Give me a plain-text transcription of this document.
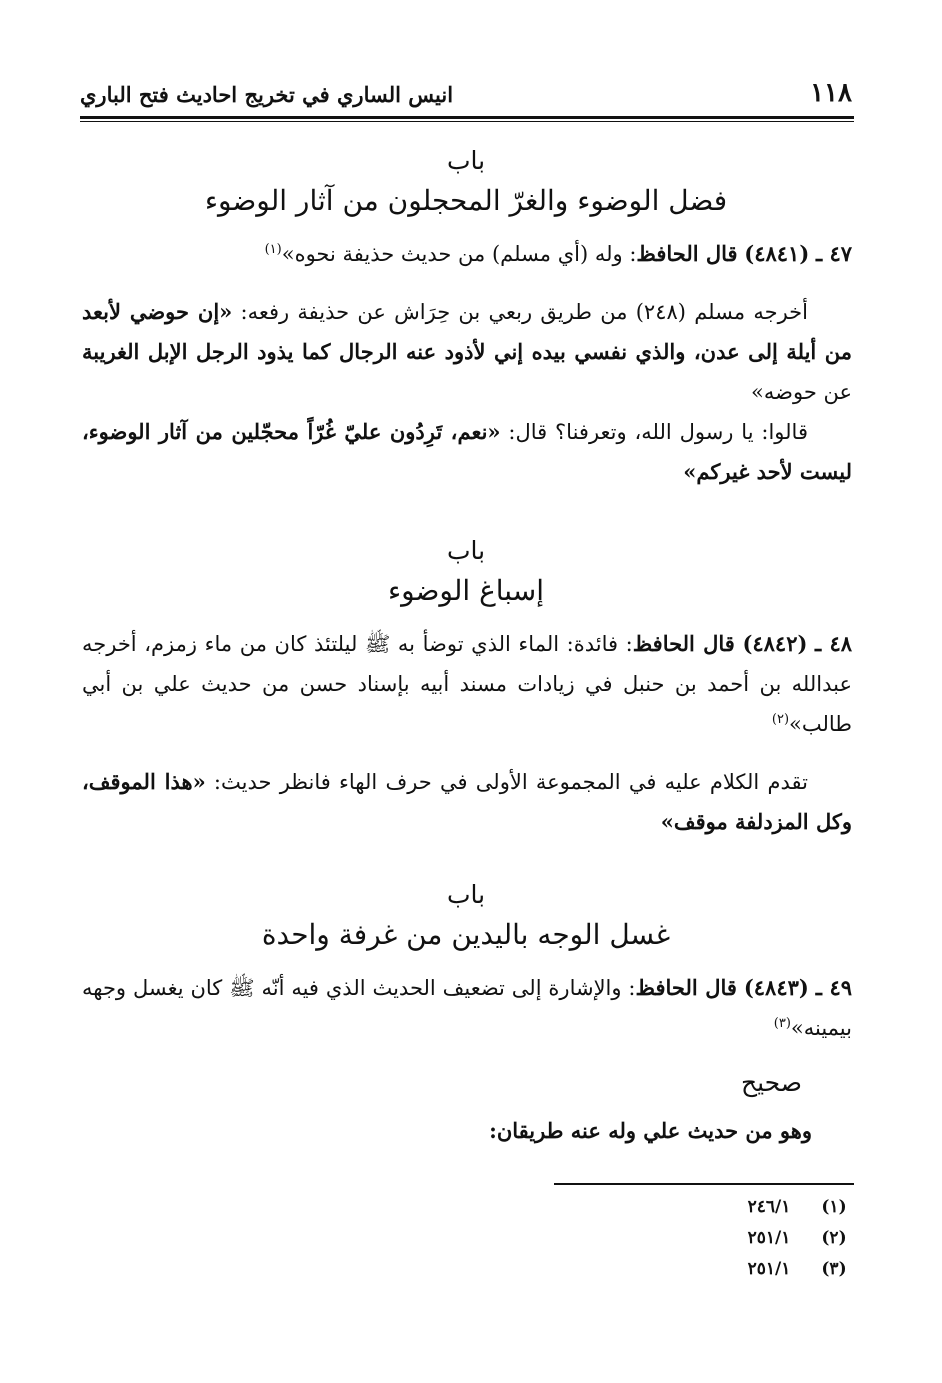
١١٨
انيس الساري في تخريج احاديث فتح الباري
باب
فضل الوضوء والغرّ المحجلون من آثار الوضوء
٤٧ ـ (٤٨٤١) قال الحافظ: وله (أي مسلم) من حديث حذيفة نحوه»$^{(١)}$
أخرجه مسلم (٢٤٨) من طريق ربعي بن حِرَاش عن حذيفة رفعه: «إن حوضي لأبعد من أيلة إلى عدن، والذي نفسي بيده إني لأذود عنه الرجال كما يذود الرجل الإبل الغريبة عن حوضه»
قالوا: يا رسول الله، وتعرفنا؟ قال: «نعم، تَرِدُون عليّ غُرّاً محجّلين من آثار الوضوء، ليست لأحد غيركم»
باب
إسباغ الوضوء
٤٨ ـ (٤٨٤٢) قال الحافظ: فائدة: الماء الذي توضأ به ﷺ ليلتئذ كان من ماء زمزم، أخرجه عبدالله بن أحمد بن حنبل في زيادات مسند أبيه بإسناد حسن من حديث علي بن أبي طالب»$^{(٢)}$
تقدم الكلام عليه في المجموعة الأولى في حرف الهاء فانظر حديث: «هذا الموقف، وكل المزدلفة موقف»
باب
غسل الوجه باليدين من غرفة واحدة
٤٩ ـ (٤٨٤٣) قال الحافظ: والإشارة إلى تضعيف الحديث الذي فيه أنّه ﷺ كان يغسل وجهه بيمينه»$^{(٣)}$
صحيح
وهو من حديث علي وله عنه طريقان:
(١)
٢٤٦/١
(٢)
٢٥١/١
(٣)
٢٥١/١
